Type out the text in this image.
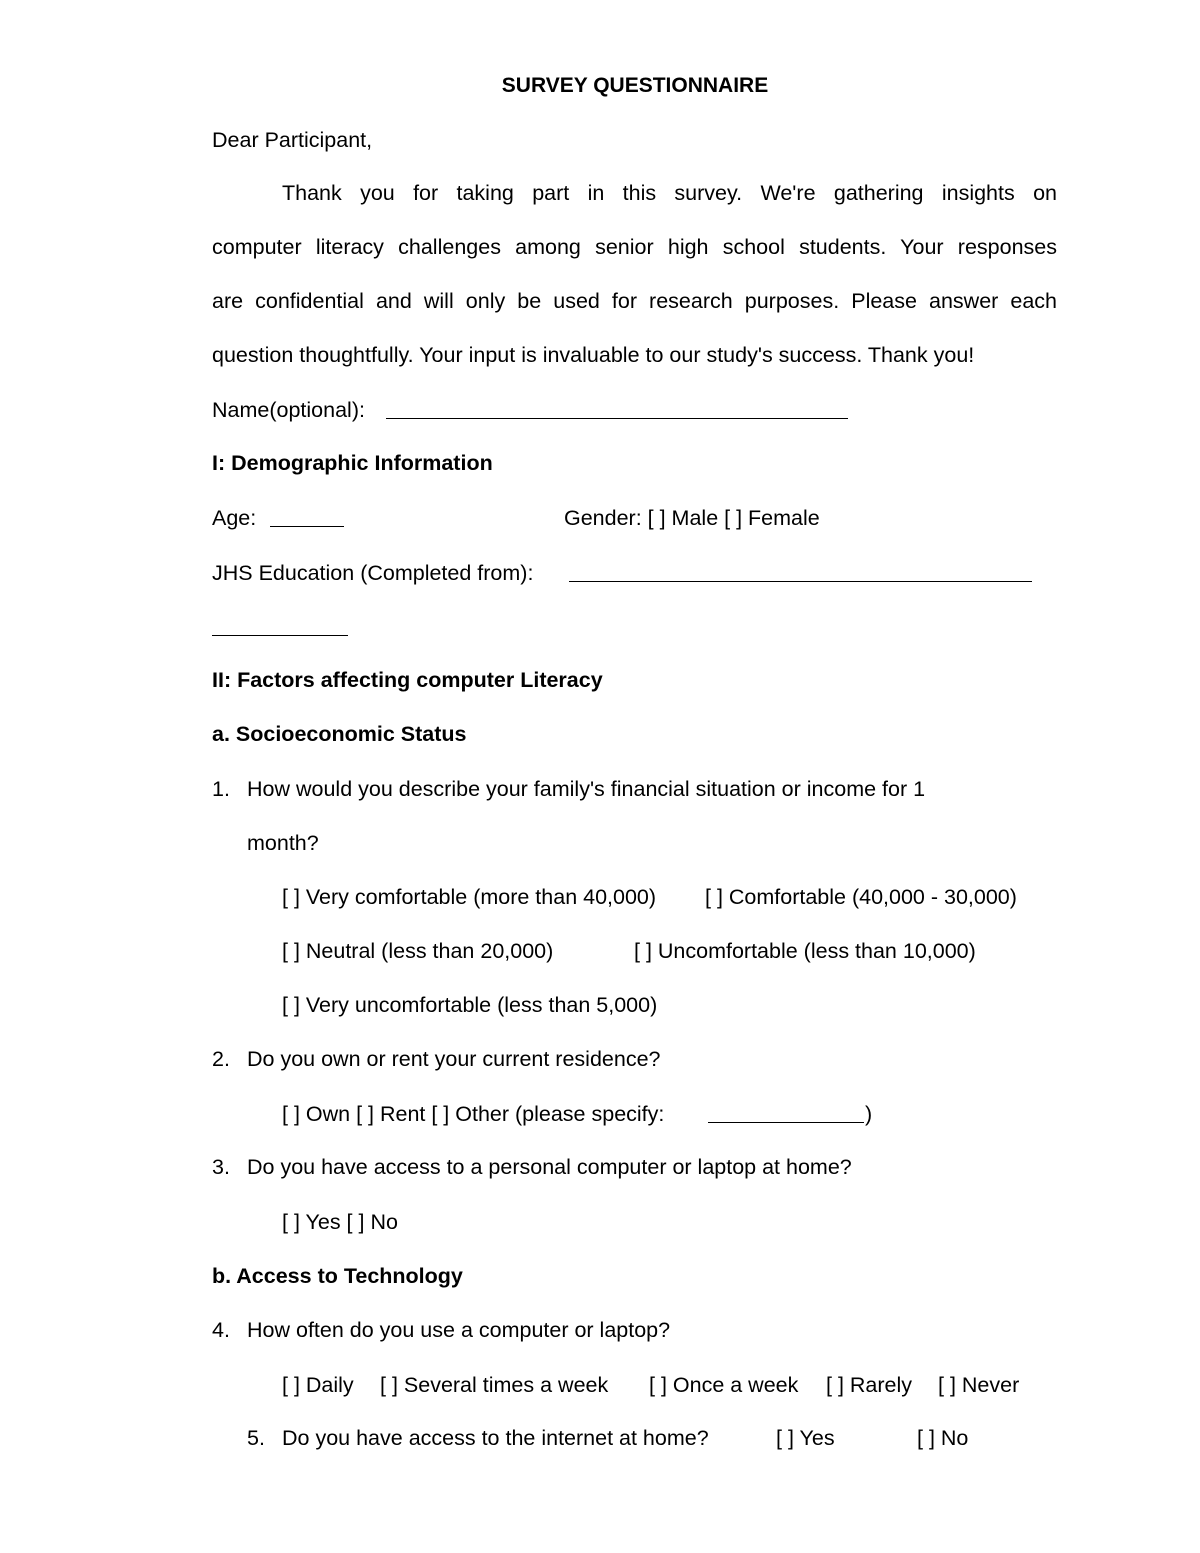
SURVEY QUESTIONNAIRE
Dear Participant,
Thank you for taking part in this survey. We're gathering insights on
computer literacy challenges among senior high school students. Your responses
are confidential and will only be used for research purposes. Please answer each
question thoughtfully. Your input is invaluable to our study's success. Thank you!
Name(optional):
I: Demographic Information
Age:	Gender: [ ] Male [ ] Female
JHS Education (Completed from):
II: Factors affecting computer Literacy
a. Socioeconomic Status
1. How would you describe your family's financial situation or income for 1
month?
[ ] Very comfortable (more than 40,000) [ ] Comfortable (40,000 - 30,000)
[ ] Neutral (less than 20,000)	[ ] Uncomfortable (less than 10,000)
[ ] Very uncomfortable (less than 5,000)
2. Do you own or rent your current residence?
[ ] Own [ ] Rent [ ] Other (please specify:	)
3. Do you have access to a personal computer or laptop at home?
[ ] Yes [ ] No
b. Access to Technology
4. How often do you use a computer or laptop?
[ ] Daily [ ] Several times a week [ ] Once a week [ ] Rarely [ ] Never
5. Do you have access to the internet at home?	[ ] Yes	[ ] No
